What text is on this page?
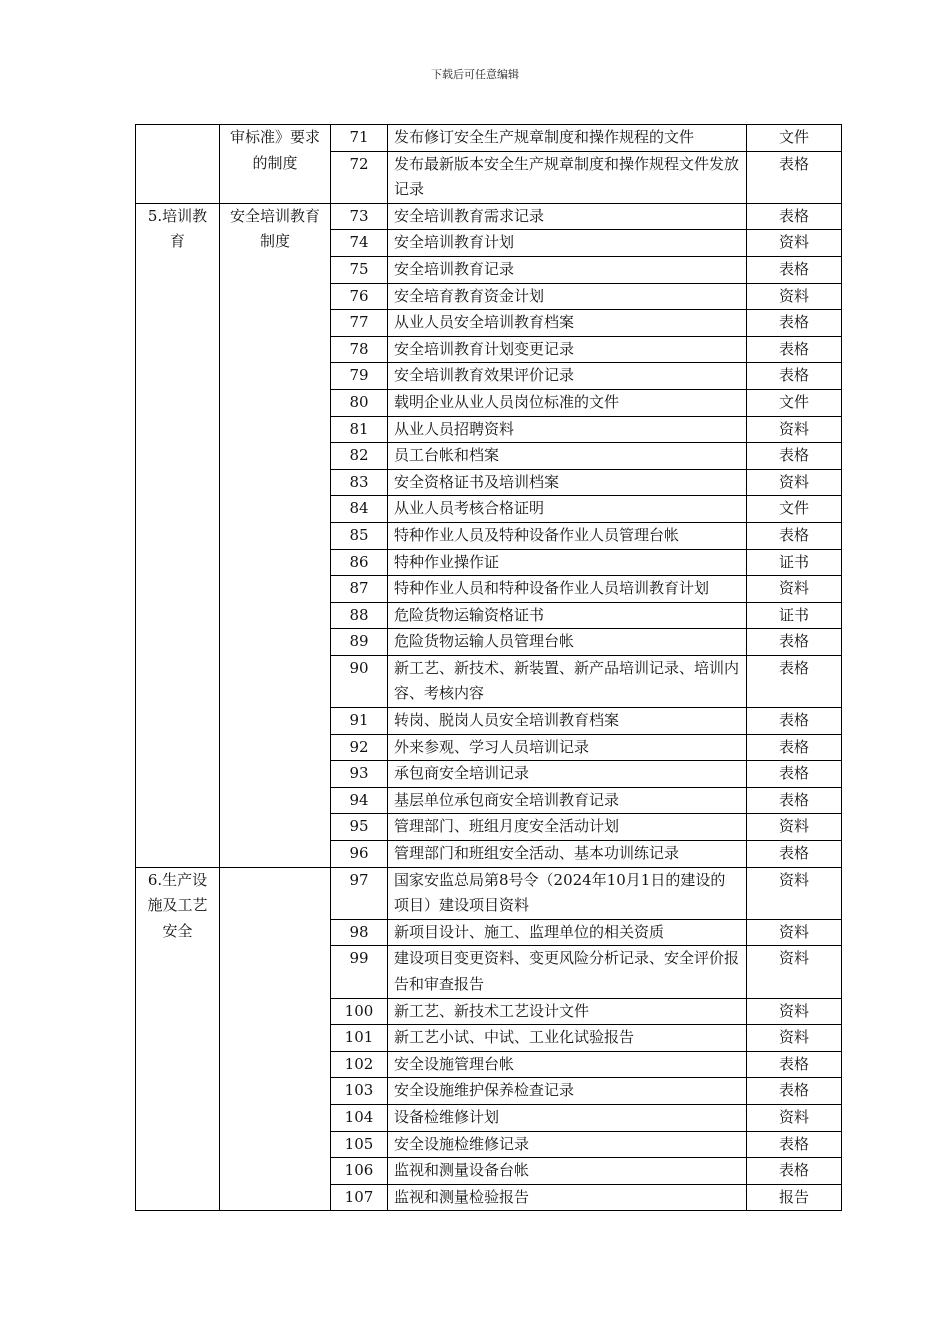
下载后可任意编辑
	审标准》要求的制度	71	发布修订安全生产规章制度和操作规程的文件	文件
		72	发布最新版本安全生产规章制度和操作规程文件发放记录	表格
5.培训教育	安全培训教育制度	73	安全培训教育需求记录	表格
		74	安全培训教育计划	资料
		75	安全培训教育记录	表格
		76	安全培育教育资金计划	资料
		77	从业人员安全培训教育档案	表格
		78	安全培训教育计划变更记录	表格
		79	安全培训教育效果评价记录	表格
		80	载明企业从业人员岗位标准的文件	文件
		81	从业人员招聘资料	资料
		82	员工台帐和档案	表格
		83	安全资格证书及培训档案	资料
		84	从业人员考核合格证明	文件
		85	特种作业人员及特种设备作业人员管理台帐	表格
		86	特种作业操作证	证书
		87	特种作业人员和特种设备作业人员培训教育计划	资料
		88	危险货物运输资格证书	证书
		89	危险货物运输人员管理台帐	表格
		90	新工艺、新技术、新装置、新产品培训记录、培训内容、考核内容	表格
		91	转岗、脱岗人员安全培训教育档案	表格
		92	外来参观、学习人员培训记录	表格
		93	承包商安全培训记录	表格
		94	基层单位承包商安全培训教育记录	表格
		95	管理部门、班组月度安全活动计划	资料
		96	管理部门和班组安全活动、基本功训练记录	表格
6.生产设施及工艺安全		97	国家安监总局第8号令（2024年10月1日的建设的项目）建设项目资料	资料
		98	新项目设计、施工、监理单位的相关资质	资料
		99	建设项目变更资料、变更风险分析记录、安全评价报告和审查报告	资料
		100	新工艺、新技术工艺设计文件	资料
		101	新工艺小试、中试、工业化试验报告	资料
		102	安全设施管理台帐	表格
		103	安全设施维护保养检查记录	表格
		104	设备检维修计划	资料
		105	安全设施检维修记录	表格
		106	监视和测量设备台帐	表格
		107	监视和测量检验报告	报告
